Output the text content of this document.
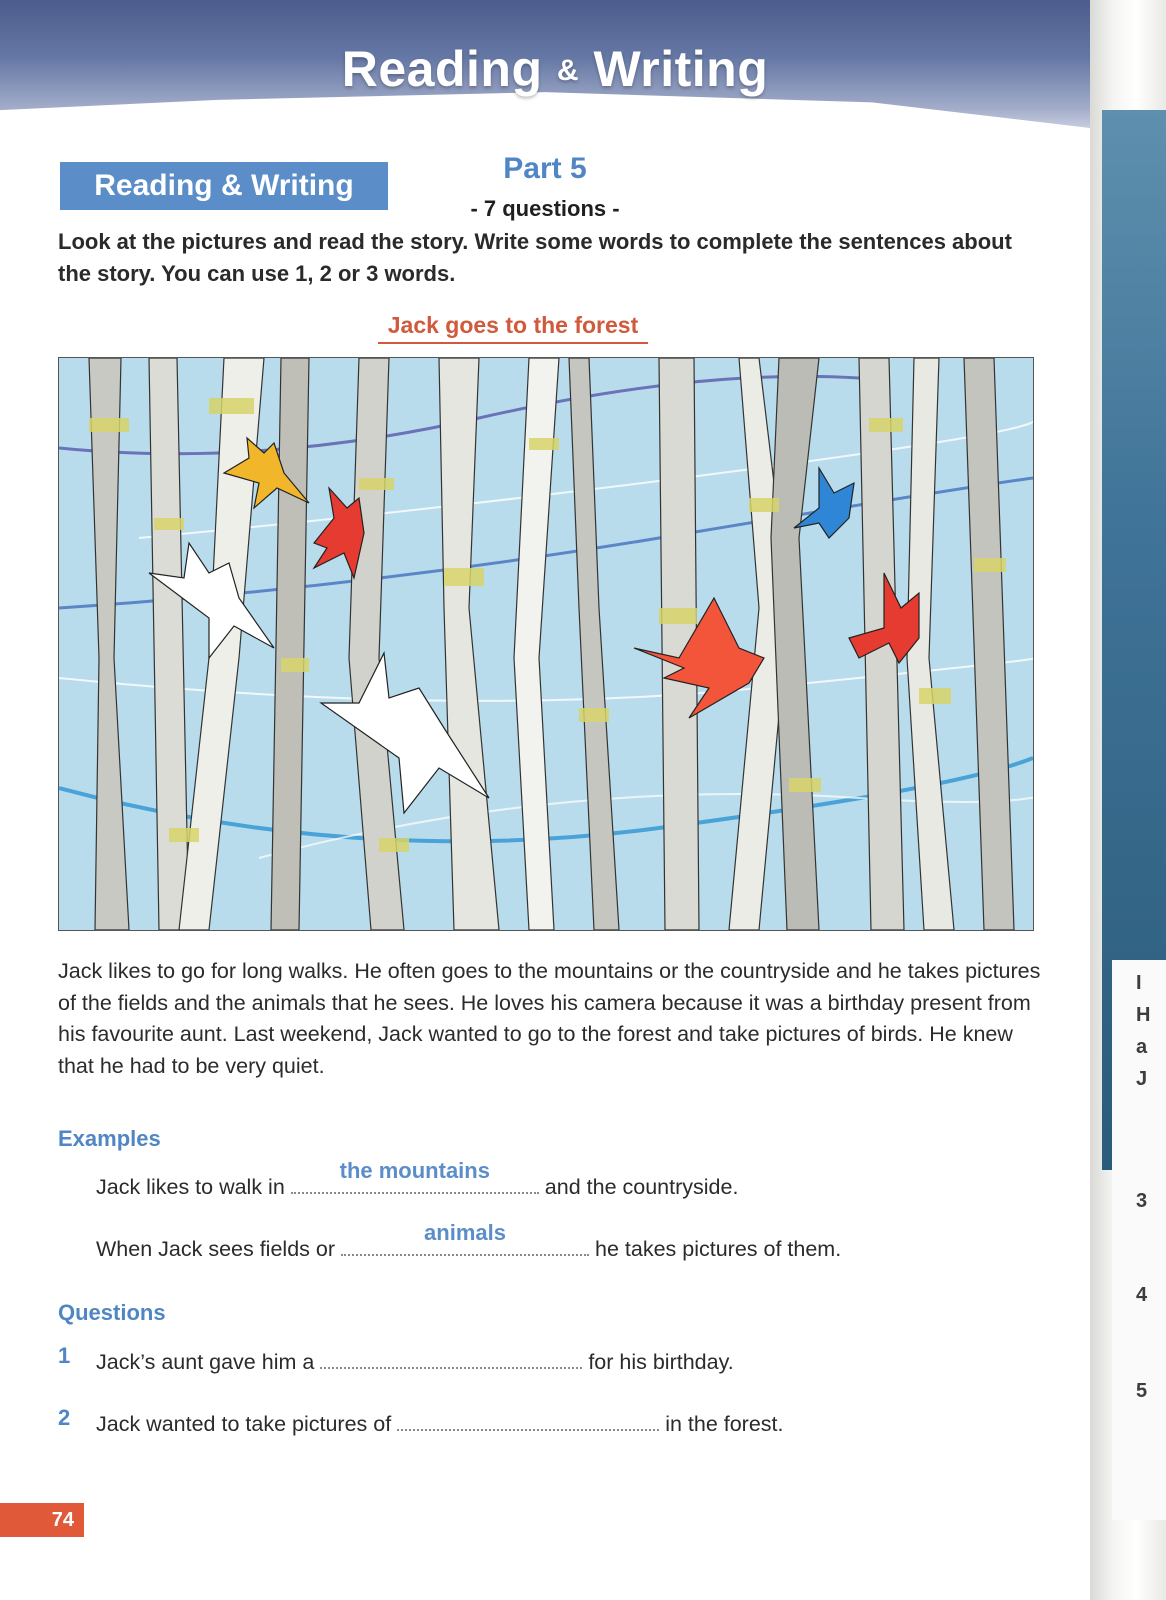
Reading & Writing
Reading & Writing
Part 5
- 7 questions -
Look at the pictures and read the story. Write some words to complete the sentences about the story. You can use 1, 2 or 3 words.
Jack goes to the forest
Jack likes to go for long walks. He often goes to the mountains or the countryside and he takes pictures of the fields and the animals that he sees. He loves his camera because it was a birthday present from his favourite aunt. Last weekend, Jack wanted to go to the forest and take pictures of birds. He knew that he had to be very quiet.
Examples
Jack likes to walk in
the mountains
and the countryside.
When Jack sees fields or
animals
he takes pictures of them.
Questions
1 Jack’s aunt gave him a	for his birthday.
2 Jack wanted to take pictures of	in the forest.
74
I
H
a
J
3
4
5
